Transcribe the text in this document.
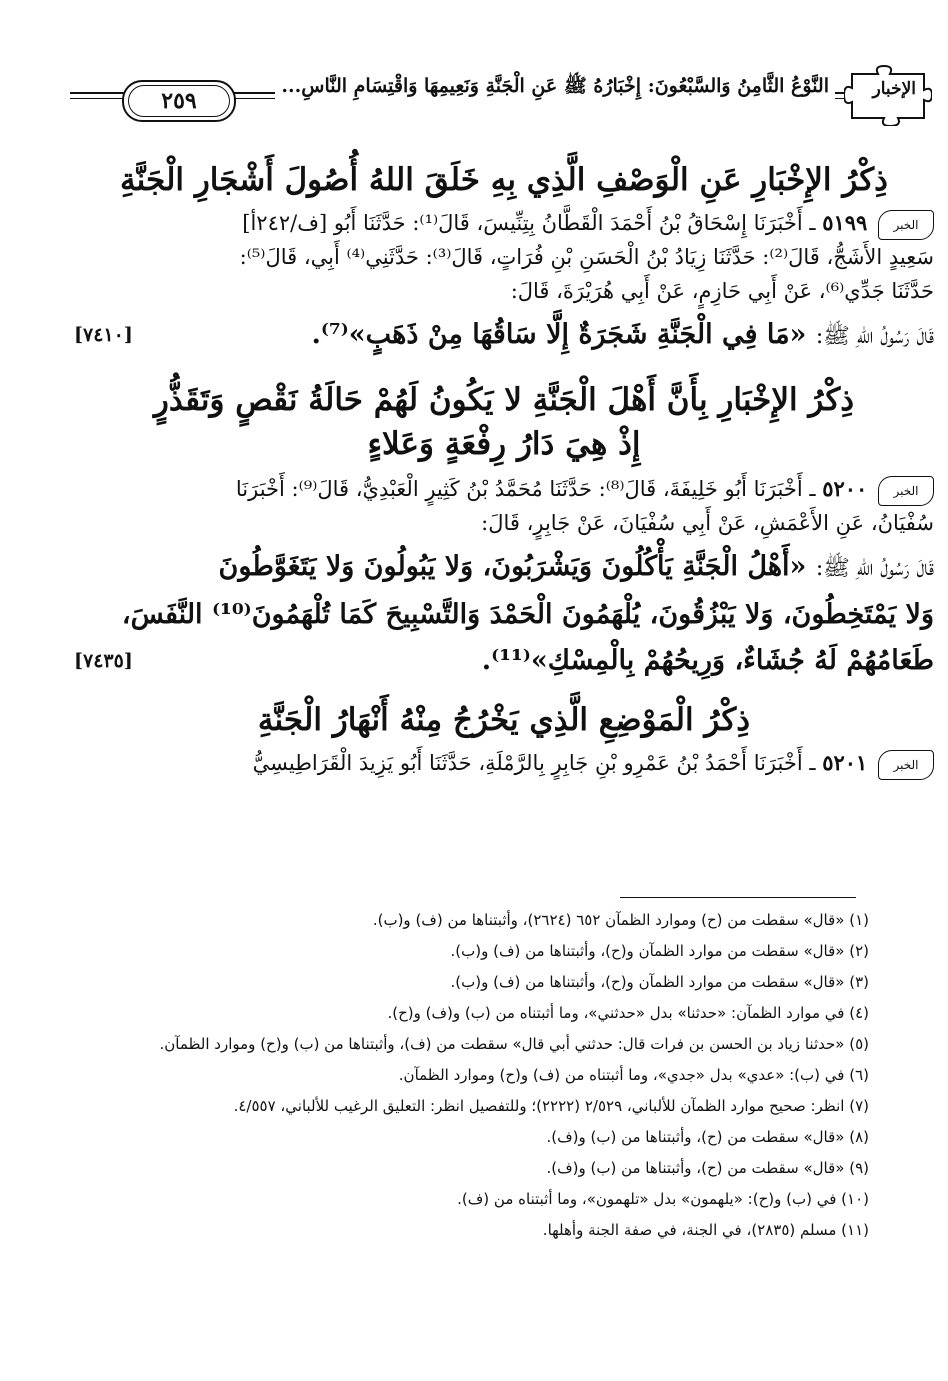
٢٥٩
النَّوْعُ الثَّامِنُ وَالسَّبْعُونَ: إِخْبَارُهُ ﷺ عَنِ الْجَنَّةِ وَنَعِيمِهَا وَاقْتِسَامِ النَّاسِ...	الإخبار
ذِكْرُ الإِخْبَارِ عَنِ الْوَصْفِ الَّذِي بِهِ خَلَقَ اللهُ أُصُولَ أَشْجَارِ الْجَنَّةِ

الخبر ٥١٩٩ ـ أَخْبَرَنَا إِسْحَاقُ بْنُ أَحْمَدَ الْقَطَّانُ بِتِنِّيسَ، قَالَ⁽¹⁾: حَدَّثَنَا أَبُو [ف/٢٤٢أ]

سَعِيدٍ الأَشَجُّ، قَالَ⁽²⁾: حَدَّثَنَا زِيَادُ بْنُ الْحَسَنِ بْنِ فُرَاتٍ، قَالَ⁽³⁾: حَدَّثَنِي⁽⁴⁾ أَبِي، قَالَ⁽⁵⁾:

حَدَّثَنَا جَدِّي⁽⁶⁾، عَنْ أَبِي حَازِمٍ، عَنْ أَبِي هُرَيْرَةَ، قَالَ:

[٧٤١٠]	قَالَ رَسُولُ اللهِ ﷺ: «مَا فِي الْجَنَّةِ شَجَرَةٌ إِلَّا سَاقُهَا مِنْ ذَهَبٍ»⁽⁷⁾.

ذِكْرُ الإِخْبَارِ بِأَنَّ أَهْلَ الْجَنَّةِ لا يَكُونُ لَهُمْ حَالَةُ نَقْصٍ وَتَقَذُّرٍ
إِذْ هِيَ دَارُ رِفْعَةٍ وَعَلاءٍ

الخبر ٥٢٠٠ ـ أَخْبَرَنَا أَبُو خَلِيفَةَ، قَالَ⁽⁸⁾: حَدَّثَنَا مُحَمَّدُ بْنُ كَثِيرٍ الْعَبْدِيُّ، قَالَ⁽⁹⁾: أَخْبَرَنَا

سُفْيَانُ، عَنِ الأَعْمَشِ، عَنْ أَبِي سُفْيَانَ، عَنْ جَابِرٍ، قَالَ:

قَالَ رَسُولُ اللهِ ﷺ: «أَهْلُ الْجَنَّةِ يَأْكُلُونَ وَيَشْرَبُونَ، وَلا يَبُولُونَ وَلا يَتَغَوَّطُونَ

وَلا يَمْتَخِطُونَ، وَلا يَبْزُقُونَ، يُلْهَمُونَ الْحَمْدَ وَالتَّسْبِيحَ كَمَا تُلْهَمُونَ⁽¹⁰⁾ النَّفَسَ،

[٧٤٣٥]	طَعَامُهُمْ لَهُ جُشَاءٌ، وَرِيحُهُمْ بِالْمِسْكِ»⁽¹¹⁾.

ذِكْرُ الْمَوْضِعِ الَّذِي يَخْرُجُ مِنْهُ أَنْهَارُ الْجَنَّةِ

الخبر ٥٢٠١ ـ أَخْبَرَنَا أَحْمَدُ بْنُ عَمْرِو بْنِ جَابِرٍ بِالرَّمْلَةِ، حَدَّثَنَا أَبُو يَزِيدَ الْقَرَاطِيسِيُّ

(١) «قال» سقطت من (ح) وموارد الظمآن ٦٥٢ (٢٦٢٤)، وأثبتناها من (ف) و(ب).

(٢) «قال» سقطت من موارد الظمآن و(ح)، وأثبتناها من (ف) و(ب).

(٣) «قال» سقطت من موارد الظمآن و(ح)، وأثبتناها من (ف) و(ب).

(٤) في موارد الظمآن: «حدثنا» بدل «حدثني»، وما أثبتناه من (ب) و(ف) و(ح).

(٥) «حدثنا زياد بن الحسن بن فرات قال: حدثني أبي قال» سقطت من (ف)، وأثبتناها من (ب) و(ح) وموارد الظمآن.

(٦) في (ب): «عدي» بدل «جدي»، وما أثبتناه من (ف) و(ح) وموارد الظمآن.

(٧) انظر: صحيح موارد الظمآن للألباني، ٢/٥٢٩ (٢٢٢٢)؛ وللتفصيل انظر: التعليق الرغيب للألباني، ٤/٥٥٧.

(٨) «قال» سقطت من (ح)، وأثبتناها من (ب) و(ف).

(٩) «قال» سقطت من (ح)، وأثبتناها من (ب) و(ف).

(١٠) في (ب) و(ح): «يلهمون» بدل «تلهمون»، وما أثبتناه من (ف).

(١١) مسلم (٢٨٣٥)، في الجنة، في صفة الجنة وأهلها.
